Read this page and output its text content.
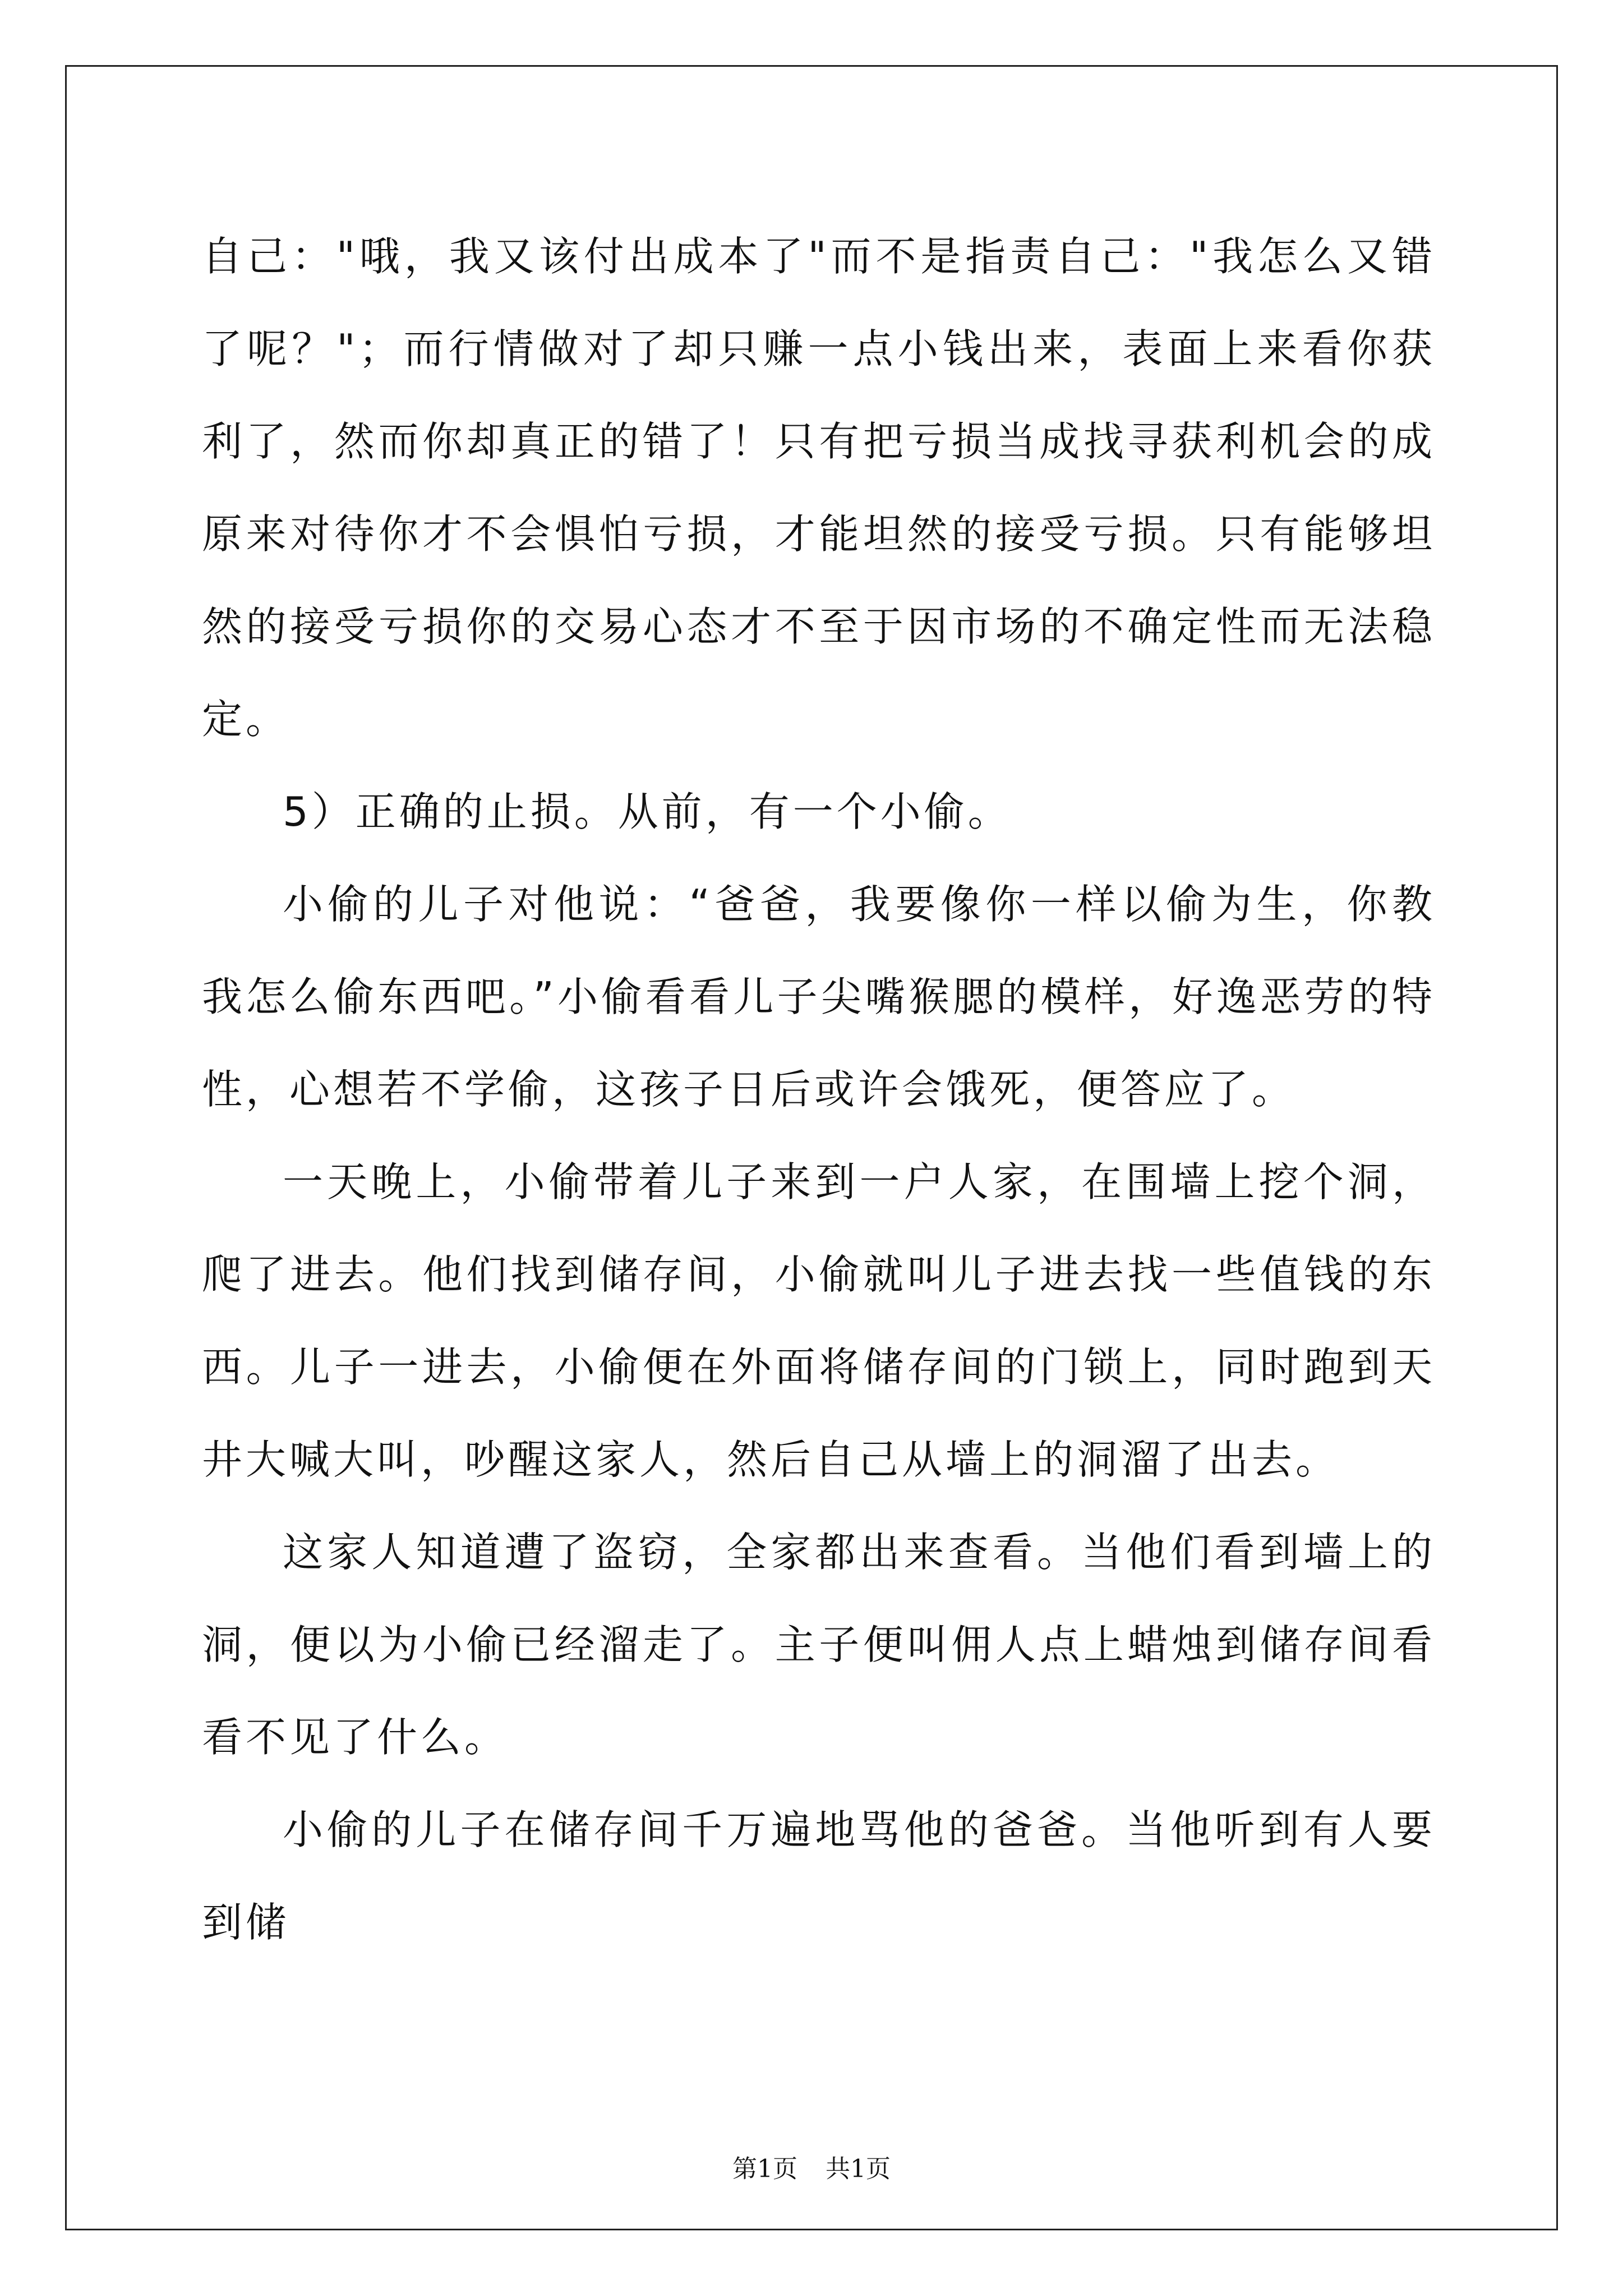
自己："哦，我又该付出成本了"而不是指责自己："我怎么又错了呢？"；而行情做对了却只赚一点小钱出来，表面上来看你获利了，然而你却真正的错了！只有把亏损当成找寻获利机会的成原来对待你才不会惧怕亏损，才能坦然的接受亏损。只有能够坦然的接受亏损你的交易心态才不至于因市场的不确定性而无法稳定。

5）正确的止损。从前，有一个小偷。

小偷的儿子对他说：“爸爸，我要像你一样以偷为生，你教我怎么偷东西吧。”小偷看看儿子尖嘴猴腮的模样，好逸恶劳的特性，心想若不学偷，这孩子日后或许会饿死，便答应了。

一天晚上，小偷带着儿子来到一户人家，在围墙上挖个洞，爬了进去。他们找到储存间，小偷就叫儿子进去找一些值钱的东西。儿子一进去，小偷便在外面将储存间的门锁上，同时跑到天井大喊大叫，吵醒这家人，然后自己从墙上的洞溜了出去。

这家人知道遭了盗窃，全家都出来查看。当他们看到墙上的洞，便以为小偷已经溜走了。主子便叫佣人点上蜡烛到储存间看看不见了什么。

小偷的儿子在储存间千万遍地骂他的爸爸。当他听到有人要到储

第1页 共1页
